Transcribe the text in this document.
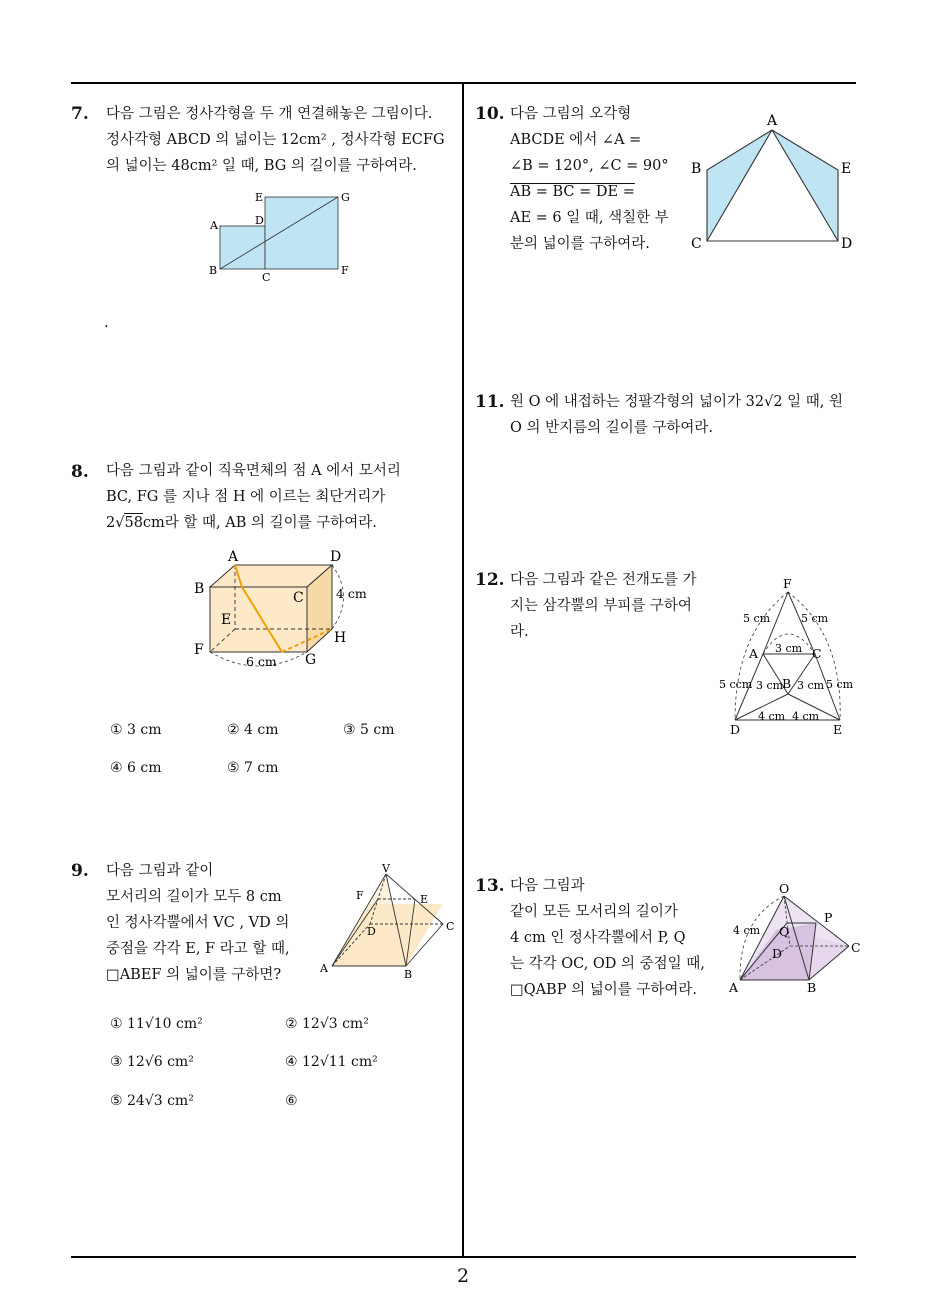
2
7. 다음 그림은 정사각형을 두 개 연결해놓은 그림이다.
정사각형 ABCD 의 넓이는 12cm² , 정사각형 ECFG
의 넓이는 48cm² 일 때, BG 의 길이를 구하여라.
A
B
C
D
E
F
G
.
8. 다음 그림과 같이 직육면체의 점 A 에서 모서리
BC, FG 를 지나 점 H 에 이르는 최단거리가
2√58cm라 할 때, AB 의 길이를 구하여라.
A	D
B
C
E
F
G
H
4 cm
6 cm
① 3 cm	② 4 cm	③ 5 cm
④ 6 cm	⑤ 7 cm
9. 다음 그림과 같이
모서리의 길이가 모두 8 cm
인 정사각뿔에서 VC , VD 의
중점을 각각 E, F 라고 할 때,
□ABEF 의 넓이를 구하면?
V
F	E
D	C
A	B
① 11√10 cm²	② 12√3 cm²
③ 12√6 cm²	④ 12√11 cm²
⑤ 24√3 cm²	⑥
10. 다음 그림의 오각형
ABCDE 에서 ∠A =
∠B = 120°, ∠C = 90°
AB = BC = DE =
AE = 6 일 때, 색칠한 부
분의 넓이를 구하여라.
A
B
C	D
E
11. 원 O 에 내접하는 정팔각형의 넓이가 32√2 일 때, 원
O 의 반지름의 길이를 구하여라.
12. 다음 그림과 같은 전개도를 가
지는 삼각뿔의 부피를 구하여
라.
F
5 cm	5 cm
3 cm
A	C
5 ccm 3 cm
B 3 cm 5 cm
4 cm 4 cm
D	E
13. 다음 그림과
같이 모든 모서리의 길이가
4 cm 인 정사각뿔에서 P, Q
는 각각 OC, OD 의 중점일 때,
□QABP 의 넓이를 구하여라.
O
P
Q
D	C
A	B
4 cm
